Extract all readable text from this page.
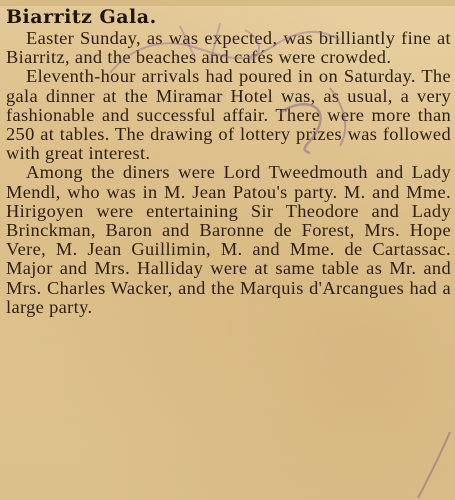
Biarritz Gala.

Easter Sunday, as was expected, was brilliantly fine at Biarritz, and the beaches and cafés were crowded.

Eleventh-hour arrivals had poured in on Saturday. The gala dinner at the Miramar Hotel was, as usual, a very fashionable and successful affair. There were more than 250 at tables. The drawing of lottery prizes was followed with great interest.

Among the diners were Lord Tweedmouth and Lady Mendl, who was in M. Jean Patou's party. M. and Mme. Hirigoyen were entertaining Sir Theodore and Lady Brinckman, Baron and Baronne de Forest, Mrs. Hope Vere, M. Jean Guillimin, M. and Mme. de Cartassac. Major and Mrs. Halliday were at same table as Mr. and Mrs. Charles Wacker, and the Marquis d'Arcangues had a large party.
